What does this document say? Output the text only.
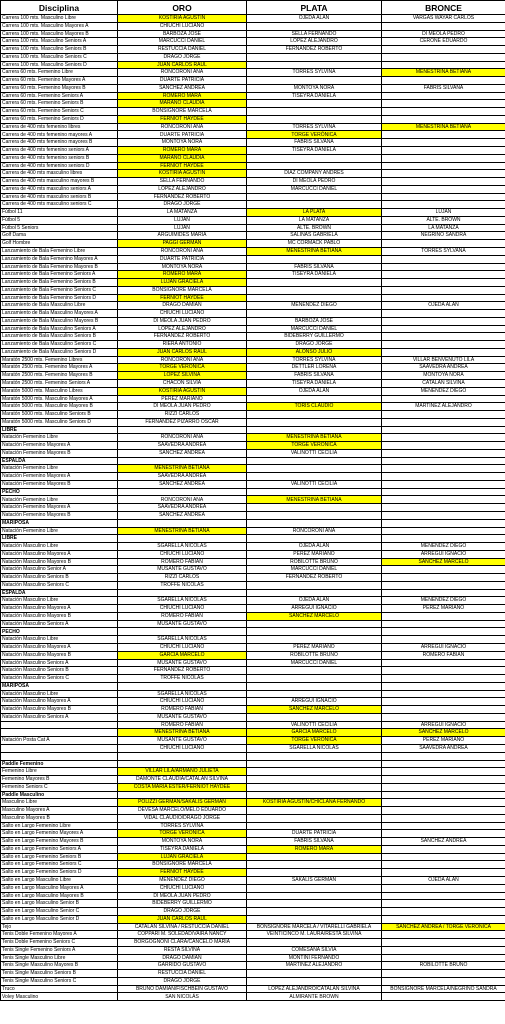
Disciplina	ORO	PLATA	BRONCE
Carrera 100 mts. Masculino Libre	KOSTIRIA AGUSTIN	OJEDA ALAN	VARGAS WAYAR CARLOS
Carrera 100 mts. Masculino Mayores A	CHIUCHI LUCIANO		
Carrera 100 mts. Masculino Mayores B	BARBOZA JOSÉ	SELLA FERNANDO	DI MEOLA PEDRO
Carrera 100 mts. Masculino Seniors A	MARCUCCI DANIEL	LOPEZ ALEJANDRO	CERONE EDUARDO
Carrera 100 mts. Masculino Seniors B	RESTUCCIA DANIEL	FERNANDEZ ROBERTO	
Carrera 100 mts. Masculino Seniors C	DRAGO JORGE		
Carrera 100 mts. Masculino Seniors D	JUAN CARLOS RAUL		
Carrera 60 mts. Femenino Libre	RONCORONI ANA	TORRES SYLVINA	MENESTRINA BETIANA
Carrera 60 mts. Femenino Mayores A	DUARTE PATRICIA		
Carrera 60 mts. Femenino Mayores B	SANCHEZ ANDREA	MONTOYA NORA	FABRIS SILVANA
Carrera 60 mts. Femenino Seniors A	ROMERO MARA	TISEYRA DANIELA	
Carrera 60 mts. Femenino Seniors B	MARANO CLAUDIA		
Carrera 60 mts. Femenino Seniors C	BONSIGNORE MARCELA		
Carrera 60 mts. Femenino Seniors D	FERNIOT HAYDEE		
Carrera de 400 mts femenino libres	RONCORONI ANA	TORRES SYLVINA	MENESTRINA BETIANA
Carrera de 400 mts femenino mayores A	DUARTE PATRICIA	TORGE VERÓNICA	
Carrera de 400 mts femenino mayores B	MONTOYA NORA	FABRIS SILVANA	
Carrera de 400 mts femenino seniors A	ROMERO MARA	TISEYRA DANIELA	
Carrera de 400 mts femenino seniors B	MARANO CLAUDIA		
Carrera de 400 mts femenino seniors D	FERNIOT HAYDEE		
Carrera de 400 mts masculino libres	KOSTIRIA AGUSTIN	DIAZ COMPANY ANDRÉS	
Carrera de 400 mts masculino mayores B	SELLA FERNANDO	DI MEOLA PEDRO	
Carrera de 400 mts masculino seniors A	LOPEZ ALEJANDRO	MARCUCCI DANIEL	
Carrera de 400 mts masculino seniors B	FERNANDEZ ROBERTO		
Carrera de 400 mts masculino seniors C	DRAGO JORGE		
Fútbol 11	LA MATANZA	LA PLATA	LUJÁN
Fútbol 5	LUJÁN	LA MATANZA	ALTE. BROWN
Fútbol 5 Seniors	LUJÁN	ALTE. BROWN	LA MATANZA
Golf Dama	ARGUIMIDES MARÍA	SALINAS GABRIELA	NEGRINO SANDRA
Golf Hombre	PAGGI GERMÁN	MC CORMACK PABLO	
Lanzamiento de Bala Femenino Libre	RONCORONI ANA	MENESTRINA BETIANA	TORRES SYLVANA
Lanzamiento de Bala Femenino Mayores A	DUARTE PATRICIA		
Lanzamiento de Bala Femenino Mayores B	MONTOYA NORA	FABRIS SILVANA	
Lanzamiento de Bala Femenino Seniors A	ROMERO MARA	TISEYRA DANIELA	
Lanzamiento de Bala Femenino Seniors B	LUJAN GRACIELA		
Lanzamiento de Bala Femenino Seniors C	BONSIGNORE MARCELA		
Lanzamiento de Bala Femenino Seniors D	FERNIOT HAYDEE		
Lanzamiento de Bala Masculino Libre	DRAGO DAMIÁN	MENENDEZ DIEGO	OJEDA ALAN
Lanzamiento de Bala Masculino Mayores A	CHIUCHI LUCIANO		
Lanzamiento de Bala Masculino Mayores B	DI MEOLA JUAN PEDRO	BARBOZA JOSÉ	
Lanzamiento de Bala Masculino Seniors A	LOPEZ ALEJANDRO	MARCUCCI DANIEL	
Lanzamiento de Bala Masculino Seniors B	FERNANDEZ ROBERTO	BIDEBERRY GUILLERMO	
Lanzamiento de Bala Masculino Seniors C	RIERA ANTONIO	DRAGO JORGE	
Lanzamiento de Bala Masculino Seniors D	JUAN CARLOS RAUL	ALONSO JULIO	
Maratón 2500 mts. Femenino Libres	RONCORONI ANA	TORRES SYLVINA	VILLAR BENVENUTO LILA
Maratón 2500 mts. Femenino Mayores A	TORGE VERÓNICA	DETTLER LORENA	SAAVEDRA ANDREA
Maratón 2500 mts. Femenino Mayores B	LOPEZ SILVINA	FABRIS SILVANA	MONTOYA NORA
Maratón 2500 mts. Femenino Seniors A	CHACÓN SILVIA	TISEYRA DANIELA	CATALAN SILVINA
Maratón 5000 mts. Masculino Libres	KOSTIRIA AGUSTIN	OJEDA ALAN	MENENDEZ DIEGO
Maratón 5000 mts. Masculino Mayores A	PEREZ MARIANO		
Maratón 5000 mts. Masculino Mayores B	DI MEOLA JUAN PEDRO	TORIS CLAUDIO	MARTINEZ ALEJANDRO
Maratón 5000 mts. Masculino Seniors B	RIZZI CARLOS		
Maratón 5000 mts. Masculino Seniors D	FERNANDEZ PIZARRO OSCAR		
LIBRE			
Natación Femenino Libre	RONCORONI ANA	MENESTRINA BETIANA	
Natación Femenino Mayores A	SAAVEDRA ANDREA	TORGE VERÓNICA	
Natación Femenino Mayores B	SANCHEZ ANDREA	VALINOTTI CECILIA	
ESPALDA			
Natación Femenino Libre	MENESTRINA BETIANA		
Natación Femenino Mayores A	SAAVEDRA ANDREA		
Natación Femenino Mayores B	SANCHEZ ANDREA	VALINOTTI CECILIA	
PECHO			
Natación Femenino Libre	RONCORONI ANA	MENESTRINA BETIANA	
Natación Femenino Mayores A	SAAVEDRA ANDREA		
Natación Femenino Mayores B	SANCHEZ ANDREA		
MARIPOSA			
Natación Femenino Libre	MENESTRINA BETIANA	RONCORONI ANA	
LIBRE			
Natación Masculino Libre	SGARELLA NICOLÁS	OJEDA ALAN	MENENDEZ DIEGO
Natación Masculino Mayores A	CHIUCHI LUCIANO	PEREZ MARIANO	ARREGUI IGNACIO
Natación Masculino Mayores B	ROMERO FABIÁN	ROBILOTTE BRUNO	SANCHEZ MARCELO
Natación Masculino Senior A	MUSANTE GUSTAVO	MARCUCCI DANIEL	
Natación Masculino Seniors B	RIZZI CARLOS	FERNANDEZ ROBERTO	
Natación Masculino Seniors C	TROFFE NICOLÁS		
ESPALDA			
Natación Masculino Libre	SGARELLA NICOLÁS	OJEDA ALAN	MENENDEZ DIEGO
Natación Masculino Mayores A	CHIUCHI LUCIANO	ARREGUI IGNACIO	PEREZ MARIANO
Natación Masculino Mayores B	ROMERO FABIÁN	SANCHEZ MARCELO	
Natación Masculino Seniors A	MUSANTE GUSTAVO		
PECHO			
Natación Masculino Libre	SGARELLA NICOLÁS		
Natación Masculino Mayores A	CHIUCHI LUCIANO	PEREZ MARIANO	ARREGUI IGNACIO
Natación Masculino Mayores B	GARCIA MARCELO	ROBILOTTE BRUNO	ROMERO FABIÁN
Natación Masculino Seniors A	MUSANTE GUSTAVO	MARCUCCI DANIEL	
Natación Masculino Seniors B	FERNANDEZ ROBERTO		
Natación Masculino Seniors C	TROFFE NICOLÁS		
MARIPOSA			
Natación Masculino Libre	SGARELLA NICOLÁS		
Natación Masculino Mayores A	CHIUCHI LUCIANO	ARREGUI IGNACIO	
Natación Masculino Mayores B	ROMERO FABIÁN	SANCHEZ MARCELO	
Natación Masculino Seniors A	MUSANTE GUSTAVO		
	ROMERO FABIÁN	VALINOTTI CECILIA	ARREGUI IGNACIO
	MENESTRINA BETIANA	GARCIA MARCELO	SANCHEZ MARCELO
Natación Posta Cat A	MUSANTE GUSTAVO	TORGE VERÓNICA	PEREZ MARIANO
	CHIUCHI LUCIANO	SGARELLA NICOLÁS	SAAVEDRA ANDREA

Paddle Femenino			
Femenino Libre	VILLAR LILA/ARMANO JULIETA		
Femenino Mayores B	DAMONTE CLAUDIA/CATALAN SILVINA		
Femenino Seniors C	COSTA MARIA ESTER/FERNIOT HAYDEE		
Paddle Masculino			
Masculino Libre	POLIZZI GERMÁN/SAKALIS GERMÁN	KOSTIRIA AGUSTÍN/CHICLANA FERNANDO	
Masculino Mayores A	DEVESA MARCELO/MELO EDUARDO		
Masculino Mayores B	VIDAL CLAUDIO/DRAGO JORGE		
Salto en Largo Femenino Libre	TORRES SYLVINA		
Salto en Largo Femenino Mayores A	TORGE VERÓNICA	DUARTE PATRICIA	
Salto en Largo Femenino Mayores B	MONTOYA NORA	FABRIS SILVANA	SANCHEZ ANDREA
Salto en Largo Femenino Seniors A	TISEYRA DANIELA	ROMERO MARA	
Salto en Largo Femenino Seniors B	LUJAN GRACIELA		
Salto en Largo Femenino Seniors C	BONSIGNORE MARCELA		
Salto en Largo Femenino Seniors D	FERNIOT HAYDEE		
Salto en Largo Masculino Libre	MENENDEZ DIEGO	SAKALIS GERMÁN	OJEDA ALAN
Salto en Largo Masculino Mayores A	CHIUCHI LUCIANO		
Salto en Largo Masculino Mayores B	DI MEOLA JUAN PEDRO		
Salto en Largo Masculino Senior B	BIDEBERRY GUILLERMO		
Salto en Largo Masculino Senior C	DRAGO JORGE		
Salto en Largo Masculino Senior D	JUAN CARLOS RAUL		
Tejo	CATALAN SILVINA / RESTUCCIA DANIEL	BONSIGNORE MARCELA / VITARELLI GABRIELA	SANCHEZ ANDREA / TORGE VERÓNICA
Tenis Doble Femenino Mayores A	COPPARI M. SOLEDAD/VAIRA NANCY	VEINTICINCO M. LAURA/RESTA SILVINA	
Tenis Doble Femenino Seniors C	BORGOGNONI CLARA/CANCELO MARÍA		
Tenis Single Femenino Seniors A	RESTA SILVINA	COMESAÑA SILVIA	
Tenis Single Masculino Libre	DRAGO DAMIÁN	MONTINI FERNANDO	
Tenis Single Masculino Mayores B	GARRIDO GUSTAVO	MARTINEZ ALEJANDRO	ROBILOTTE BRUNO
Tenis Single Masculino Seniors B	RESTUCCIA DANIEL		
Tenis Single Masculino Seniors C	DRAGO JORGE		
Truco	BRUNO DAMIÁN/FISCHBEIN GUSTAVO	LOPEZ ALEJANDRO/CATALAN SILVINA	BONSIGNORE MARCELA/NEGRINO SANDRA
Voley Masculino	SAN NICOLÁS	ALMIRANTE BROWN	
